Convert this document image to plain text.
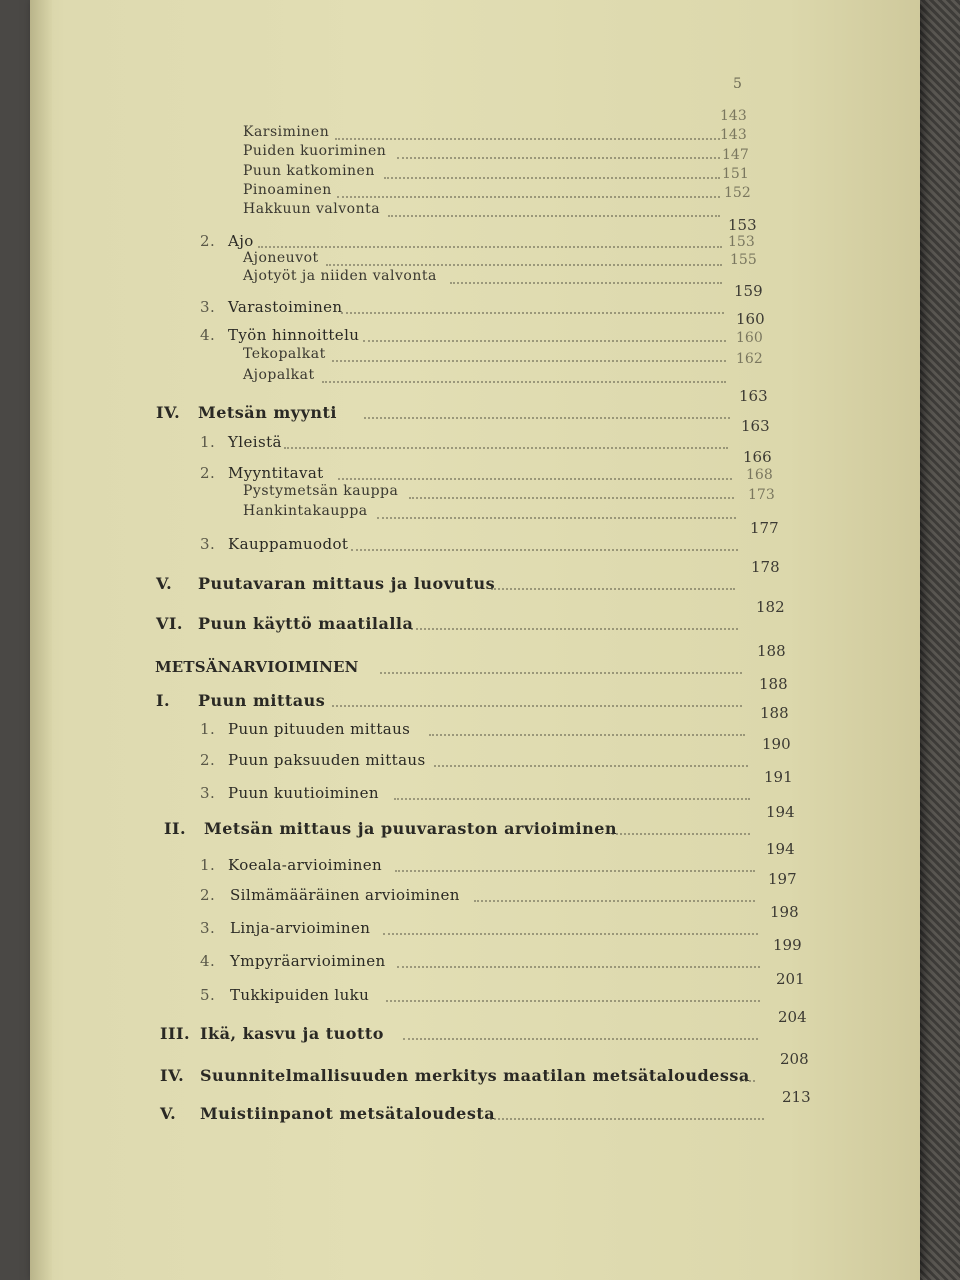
5
Karsiminen
143
Puiden kuoriminen
143
Puun katkominen
147
Pinoaminen
151
Hakkuun valvonta
152
2. Ajo
153
Ajoneuvot
153
Ajotyöt ja niiden valvonta
155
3. Varastoiminen
159
4. Työn hinnoittelu
160
Tekopalkat
160
Ajopalkat
162
IV. Metsän myynti
163
1. Yleistä
163
2. Myyntitavat
166
Pystymetsän kauppa
168
Hankintakauppa
173
3. Kauppamuodot
177
V. Puutavaran mittaus ja luovutus
178
VI. Puun käyttö maatilalla
182
METSÄNARVIOIMINEN
188
I. Puun mittaus
188
1. Puun pituuden mittaus
188
2. Puun paksuuden mittaus
190
3. Puun kuutioiminen
191
II. Metsän mittaus ja puuvaraston arvioiminen
194
1. Koeala-arvioiminen
194
2. Silmämääräinen arvioiminen
197
3. Linja-arvioiminen
198
4. Ympyräarvioiminen
199
5. Tukkipuiden luku
201
III. Ikä, kasvu ja tuotto
204
IV. Suunnitelmallisuuden merkitys maatilan metsätaloudessa
208
V. Muistiinpanot metsätaloudesta
213
